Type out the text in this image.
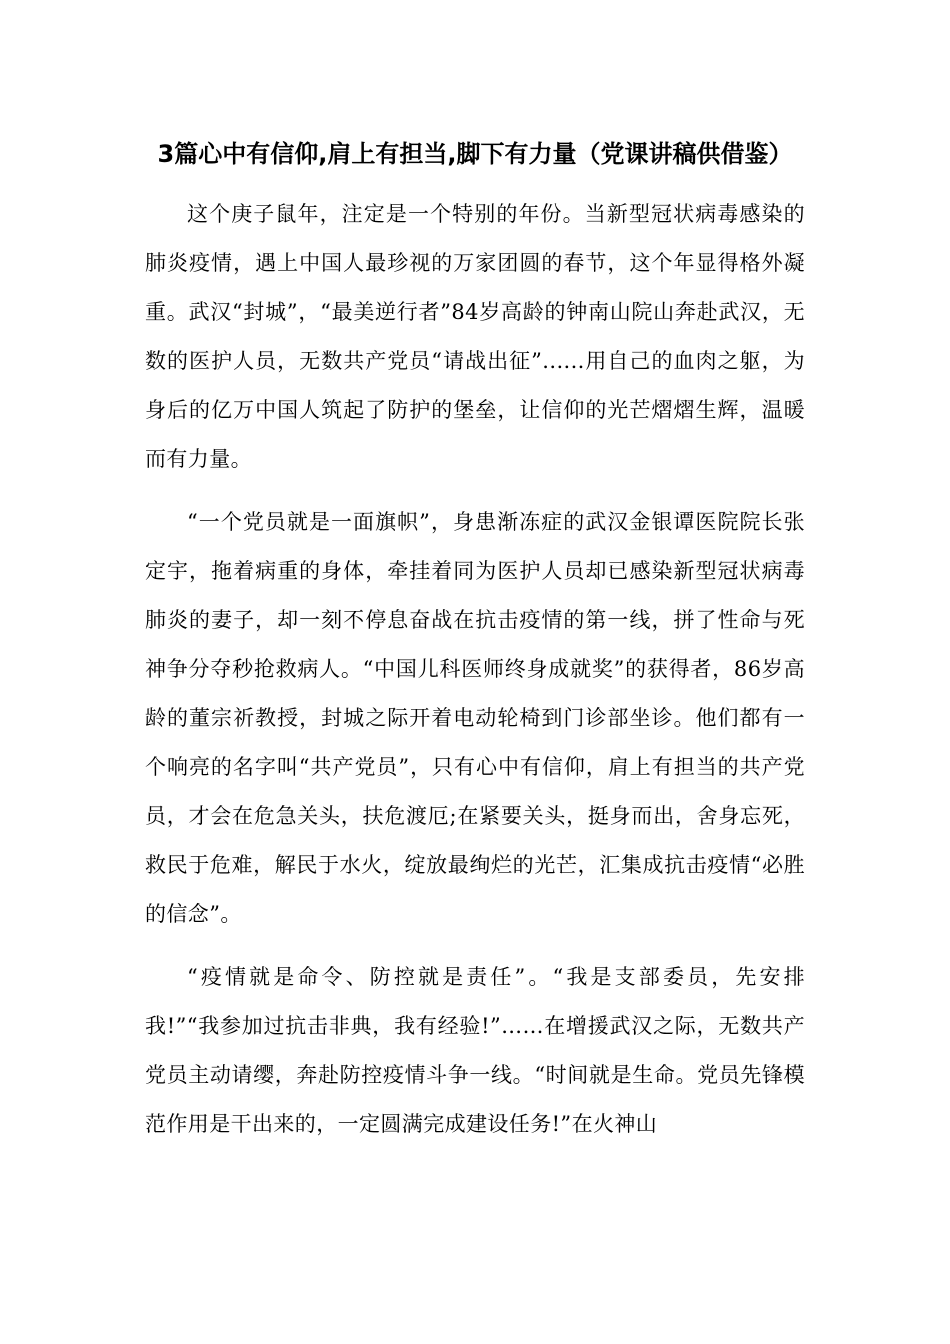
3篇心中有信仰,肩上有担当,脚下有力量（党课讲稿供借鉴）

这个庚子鼠年，注定是一个特别的年份。当新型冠状病毒感染的肺炎疫情，遇上中国人最珍视的万家团圆的春节，这个年显得格外凝重。武汉“封城”，“最美逆行者”84岁高龄的钟南山院山奔赴武汉，无数的医护人员，无数共产党员“请战出征”......用自己的血肉之躯，为身后的亿万中国人筑起了防护的堡垒，让信仰的光芒熠熠生辉，温暖而有力量。

“一个党员就是一面旗帜”，身患渐冻症的武汉金银谭医院院长张定宇，拖着病重的身体，牵挂着同为医护人员却已感染新型冠状病毒肺炎的妻子，却一刻不停息奋战在抗击疫情的第一线，拼了性命与死神争分夺秒抢救病人。“中国儿科医师终身成就奖”的获得者，86岁高龄的董宗祈教授，封城之际开着电动轮椅到门诊部坐诊。他们都有一个响亮的名字叫“共产党员”，只有心中有信仰，肩上有担当的共产党员，才会在危急关头，扶危渡厄;在紧要关头，挺身而出，舍身忘死，救民于危难，解民于水火，绽放最绚烂的光芒，汇集成抗击疫情“必胜的信念”。

“疫情就是命令、防控就是责任”。“我是支部委员，先安排我!”“我参加过抗击非典，我有经验!”……在增援武汉之际，无数共产党员主动请缨，奔赴防控疫情斗争一线。“时间就是生命。党员先锋模范作用是干出来的，一定圆满完成建设任务!”在火神山
